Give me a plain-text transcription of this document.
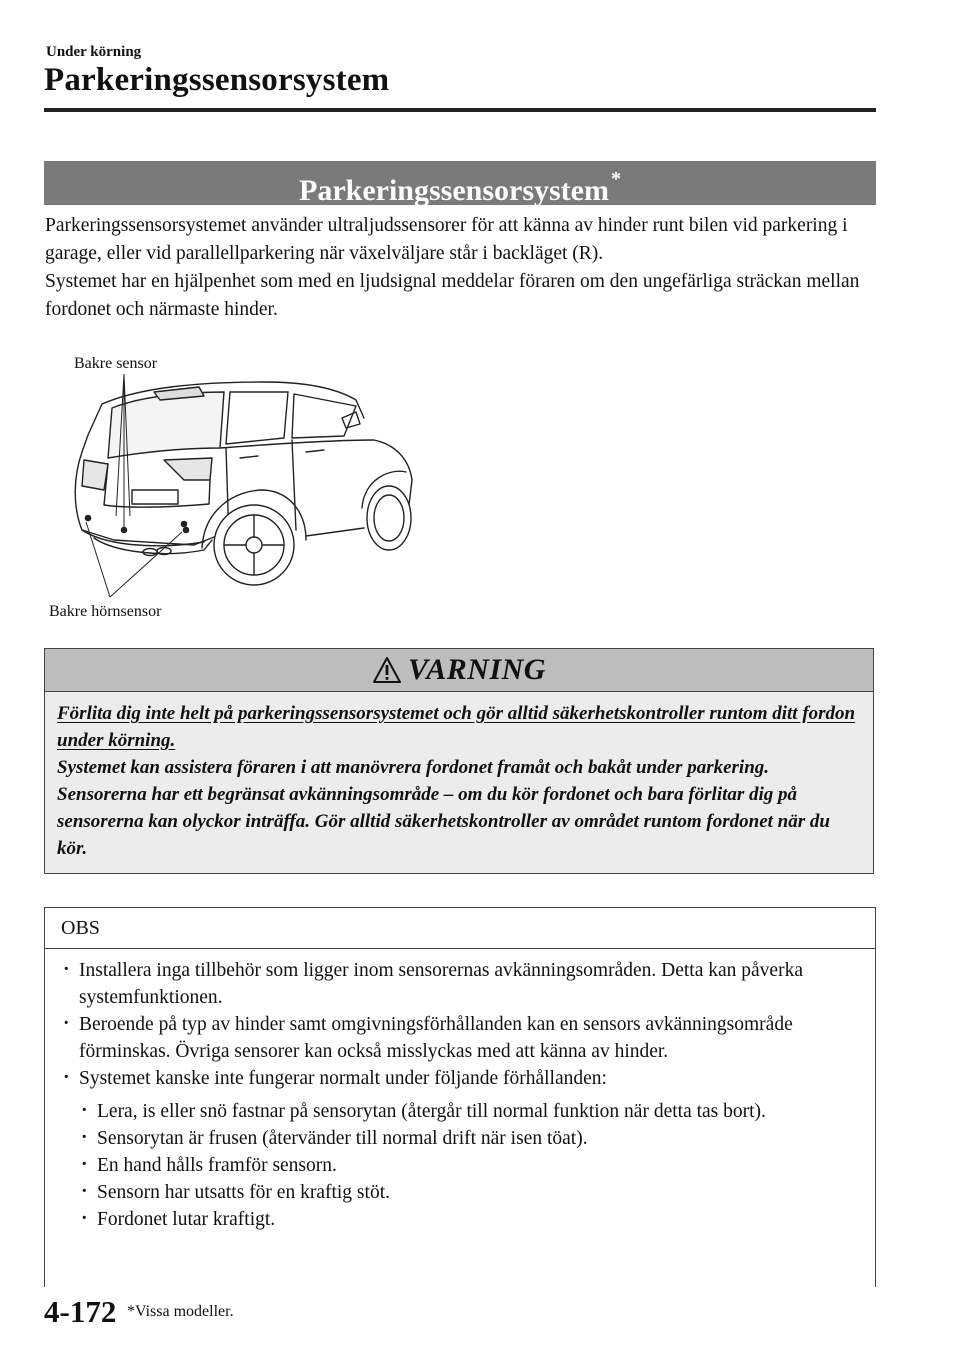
Under körning
Parkeringssensorsystem
Parkeringssensorsystem *

Parkeringssensorsystemet använder ultraljudssensorer för att känna av hinder runt bilen vid parkering i garage, eller vid parallellparkering när växelväljare står i backläget (R).

Systemet har en hjälpenhet som med en ljudsignal meddelar föraren om den ungefärliga sträckan mellan fordonet och närmaste hinder.

Bakre sensor
Bakre hörnsensor
VARNING

Förlita dig inte helt på parkeringssensorsystemet och gör alltid säkerhetskontroller runtom ditt fordon under körning.

Systemet kan assistera föraren i att manövrera fordonet framåt och bakåt under parkering. Sensorerna har ett begränsat avkänningsområde – om du kör fordonet och bara förlitar dig på sensorerna kan olyckor inträffa. Gör alltid säkerhetskontroller av området runtom fordonet när du kör.

OBS
· Installera inga tillbehör som ligger inom sensorernas avkänningsområden. Detta kan påverka systemfunktionen.
· Beroende på typ av hinder samt omgivningsförhållanden kan en sensors avkänningsområde förminskas. Övriga sensorer kan också misslyckas med att känna av hinder.
· Systemet kanske inte fungerar normalt under följande förhållanden:
· Lera, is eller snö fastnar på sensorytan (återgår till normal funktion när detta tas bort).
· Sensorytan är frusen (återvänder till normal drift när isen töat).
· En hand hålls framför sensorn.
· Sensorn har utsatts för en kraftig stöt.
· Fordonet lutar kraftigt.
4-172 *Vissa modeller.
